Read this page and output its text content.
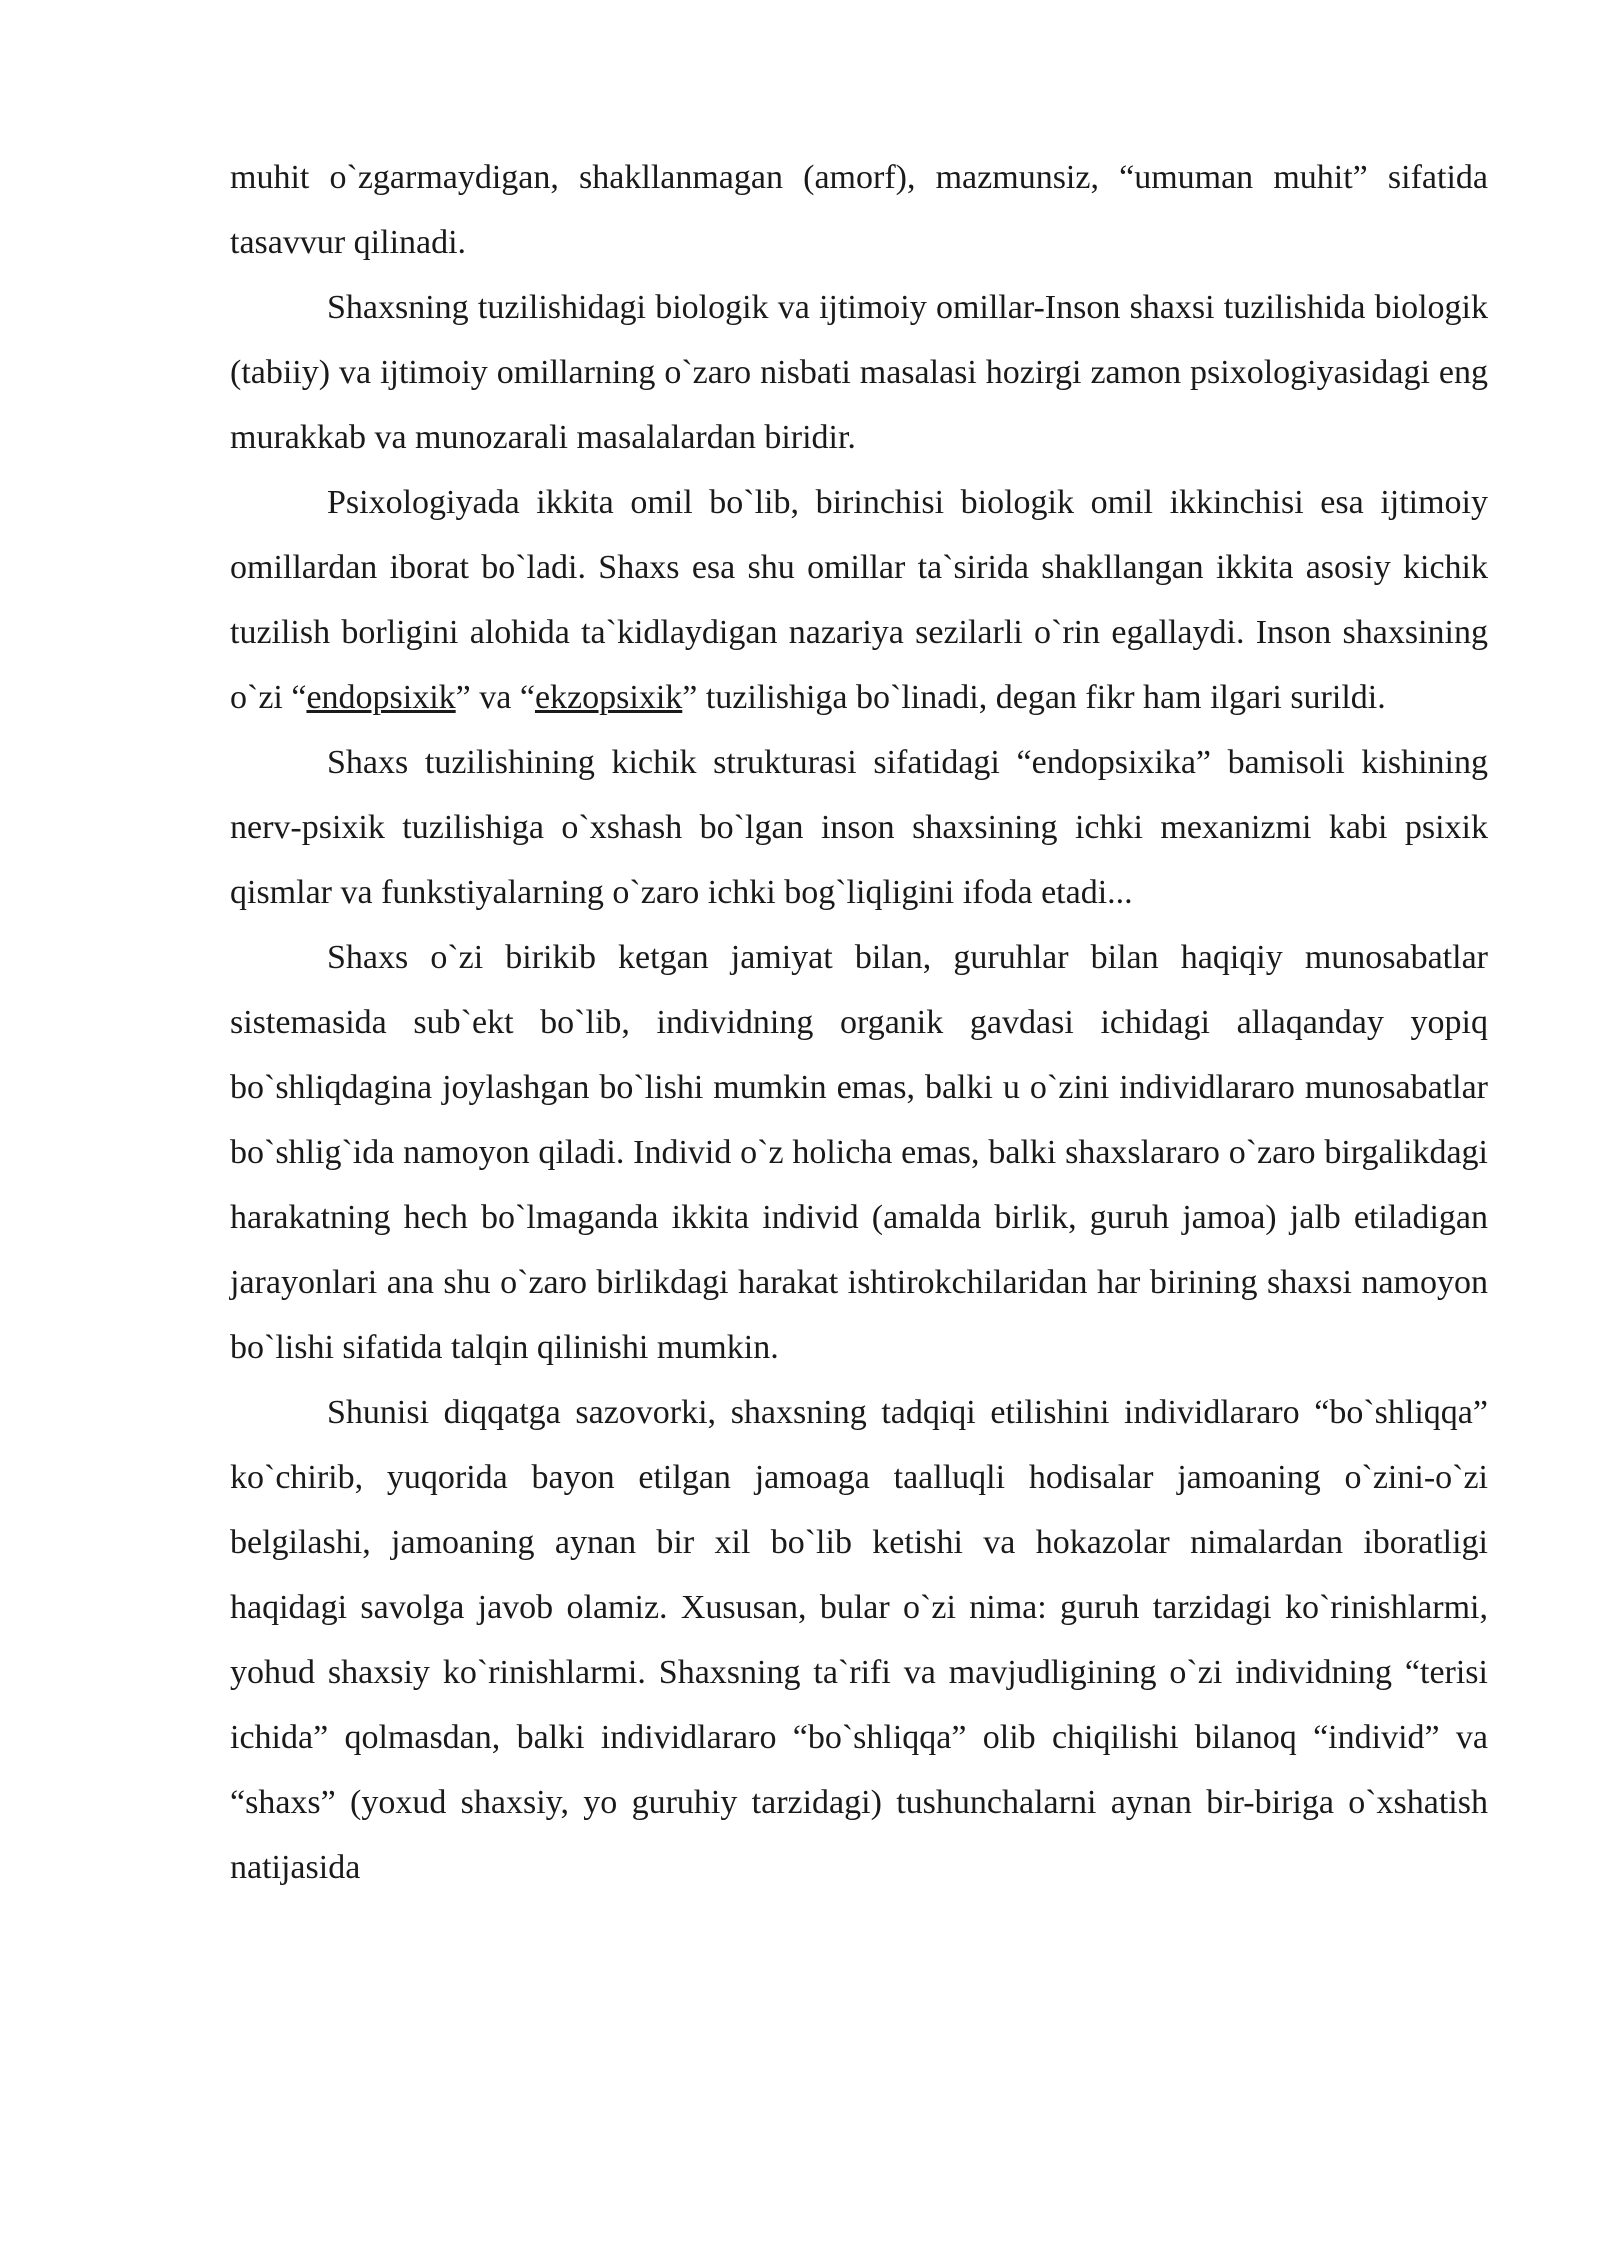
muhit o`zgarmaydigan, shakllanmagan (amorf), mazmunsiz, “umuman muhit” sifatida tasavvur qilinadi.

Shaxsning tuzilishidagi biologik va ijtimoiy omillar-Inson shaxsi tuzilishida biologik (tabiiy) va ijtimoiy omillarning o`zaro nisbati masalasi hozirgi zamon psixologiyasidagi eng murakkab va munozarali masalalardan biridir.

Psixologiyada ikkita omil bo`lib, birinchisi biologik omil ikkinchisi esa ijtimoiy omillardan iborat bo`ladi. Shaxs esa shu omillar ta`sirida shakllangan ikkita asosiy kichik tuzilish borligini alohida ta`kidlaydigan nazariya sezilarli o`rin egallaydi. Inson shaxsining o`zi “endopsixik” va “ekzopsixik” tuzilishiga bo`linadi, degan fikr ham ilgari surildi.

Shaxs tuzilishining kichik strukturasi sifatidagi “endopsixika” bamisoli kishining nerv-psixik tuzilishiga o`xshash bo`lgan inson shaxsining ichki mexanizmi kabi psixik qismlar va funkstiyalarning o`zaro ichki bog`liqligini ifoda etadi...

Shaxs o`zi birikib ketgan jamiyat bilan, guruhlar bilan haqiqiy munosabatlar sistemasida sub`ekt bo`lib, individning organik gavdasi ichidagi allaqanday yopiq bo`shliqdagina joylashgan bo`lishi mumkin emas, balki u o`zini individlararo munosabatlar bo`shlig`ida namoyon qiladi. Individ o`z holicha emas, balki shaxslararo o`zaro birgalikdagi harakatning hech bo`lmaganda ikkita individ (amalda birlik, guruh jamoa) jalb etiladigan jarayonlari ana shu o`zaro birlikdagi harakat ishtirokchilaridan har birining shaxsi namoyon bo`lishi sifatida talqin qilinishi mumkin.

Shunisi diqqatga sazovorki, shaxsning tadqiqi etilishini individlararo “bo`shliqqa” ko`chirib, yuqorida bayon etilgan jamoaga taalluqli hodisalar jamoaning o`zini-o`zi belgilashi, jamoaning aynan bir xil bo`lib ketishi va hokazolar nimalardan iboratligi haqidagi savolga javob olamiz. Xususan, bular o`zi nima: guruh tarzidagi ko`rinishlarmi, yohud shaxsiy ko`rinishlarmi. Shaxsning ta`rifi va mavjudligining o`zi individning “terisi ichida” qolmasdan, balki individlararo “bo`shliqqa” olib chiqilishi bilanoq “individ” va “shaxs” (yoxud shaxsiy, yo guruhiy tarzidagi) tushunchalarni aynan bir-biriga o`xshatish natijasida
